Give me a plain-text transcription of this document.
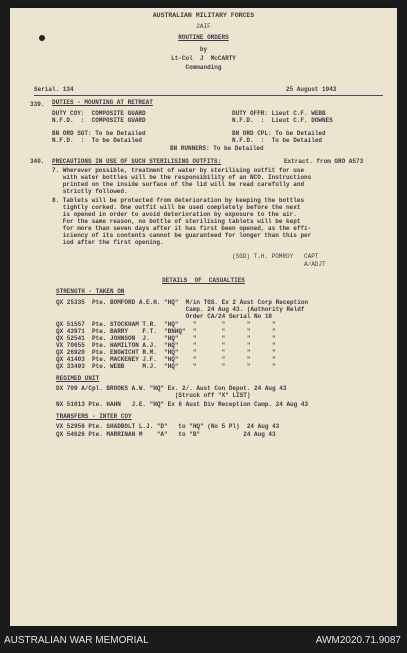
AUSTRALIAN MILITARY FORCES
2AIF
ROUTINE ORDERS
by
Lt-Col  J  McCARTY
Commanding
Serial. 134	25 August 1943
339. DUTIES - MOUNTING AT RETREAT
DUTY COY:  COMPOSITE GUARD
N.F.D.  :  COMPOSITE GUARD
DUTY OFFR: Lieut C.F. WEBB
N.F.D.  :  Lieut C.F. DOWNES
BN ORD SGT: To be Detailed
N.F.D.  :  To be Detailed
BN ORD CPL: To be Detailed
N.F.D.  :  To be Detailed
BN RUNNERS: To be Detailed
340. PRECAUTIONS IN USE OF SUCH STERILISING OUTFITS:	Extract. from GRO A573
7. Wherever possible, treatment of water by sterilising outfit for use
with water bottles will be the responsibility of an NCO. Instructions
printed on the inside surface of the lid will be read carefully and
strictly followed.
8. Tablets will be protected from deterioration by keeping the bottles
tightly corked. One outfit will be used completely before the next
is opened in order to avoid deterioration by exposure to the air.
For the same reason, no bottle of sterilising tablets will be kept
for more than seven days after it has first been opened, as the effi-
iciency of its contents cannot be guaranteed for longer than this per
iod after the first opening.
(SGD) T.H. POMROY   CAPT
A/ADJT
DETAILS  OF  CASUALTIES
STRENGTH - TAKEN ON
QX 25335  Pte. BOMFORD A.E.H. "HQ"  M/in TGS. Ex 2 Aust Corp Reception
Camp. 24 Aug 43. (Authority Reldf
Order CA/24 Serial No 18
QX 51557  Pte. STOCKHAM T.R.  "HQ"    "       "      "      "
QX 43971  Pte. BARRY    F.T.  "BNHQ"  "       "      "      "
QX 52541  Pte. JOHNSON  J.    "HQ"    "       "      "      "
VX 70655  Pte. HAMILTON A.J.  "HQ"    "       "      "      "
QX 26920  Pte. ENGWICHT R.M.  "HQ"    "       "      "      "
QX 41403  Pte. MACKENEY J.F.  "HQ"    "       "      "      "
QX 33493  Pte. WEBB     M.J.  "HQ"    "       "      "      "
REGIMED UNIT
DX 709 A/Cpl. BROOKS A.W. "HQ" Ex. 2/. Aust Con Depot. 24 Aug 43
(Struck off "X" LIST)
NX 51013 Pte. HAHN   J.E. "HQ" Ex 6 Aust Div Reception Camp. 24 Aug 43
TRANSFERS - INTER COY
VX 52956 Pte. SHADBOLT L.J. "D"   to "HQ" (No 5 Pl)  24 Aug 43
QX 54626 Pte. MARRINAN M    "A"   to "B"            24 Aug 43
AUSTRALIAN WAR MEMORIAL	AWM2020.71.9087
